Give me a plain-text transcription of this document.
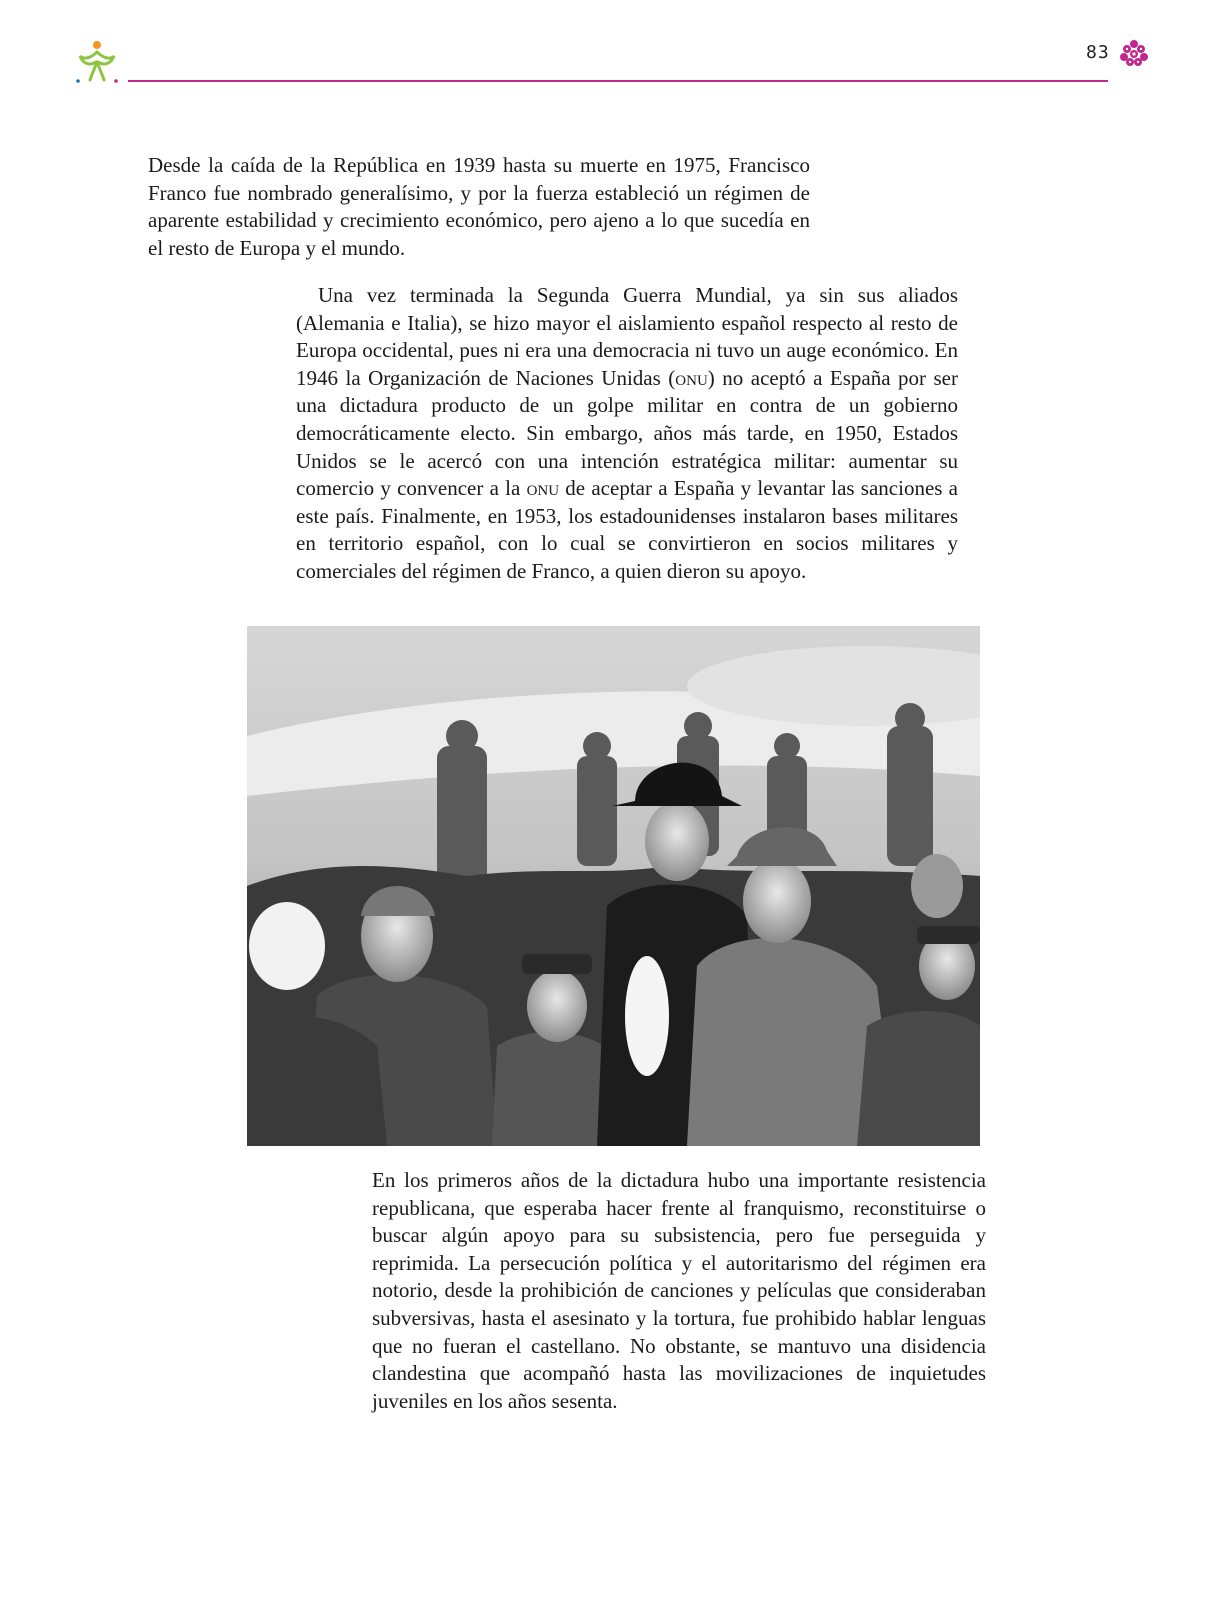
83

Desde la caída de la República en 1939 hasta su muerte en 1975, Francisco Franco fue nombrado generalísimo, y por la fuerza estableció un régimen de aparente estabilidad y crecimiento económico, pero ajeno a lo que sucedía en el resto de Europa y el mundo.

Una vez terminada la Segunda Guerra Mundial, ya sin sus aliados (Alemania e Italia), se hizo mayor el aislamiento español respecto al resto de Europa occidental, pues ni era una democracia ni tuvo un auge económico. En 1946 la Organización de Naciones Unidas (onu) no aceptó a España por ser una dictadura producto de un golpe militar en contra de un gobierno democráticamente electo. Sin embargo, años más tarde, en 1950, Estados Unidos se le acercó con una intención estratégica militar: aumentar su comercio y convencer a la onu de aceptar a España y levantar las sanciones a este país. Finalmente, en 1953, los estadounidenses instalaron bases militares en territorio español, con lo cual se convirtieron en socios militares y comerciales del régimen de Franco, a quien dieron su apoyo.

En los primeros años de la dictadura hubo una importante resistencia republicana, que esperaba hacer frente al franquismo, reconstituirse o buscar algún apoyo para su subsistencia, pero fue perseguida y reprimida. La persecución política y el autoritarismo del régimen era notorio, desde la prohibición de canciones y películas que consideraban subversivas, hasta el asesinato y la tortura, fue prohibido hablar lenguas que no fueran el castellano. No obstante, se mantuvo una disidencia clandestina que acompañó hasta las movilizaciones de inquietudes juveniles en los años sesenta.
